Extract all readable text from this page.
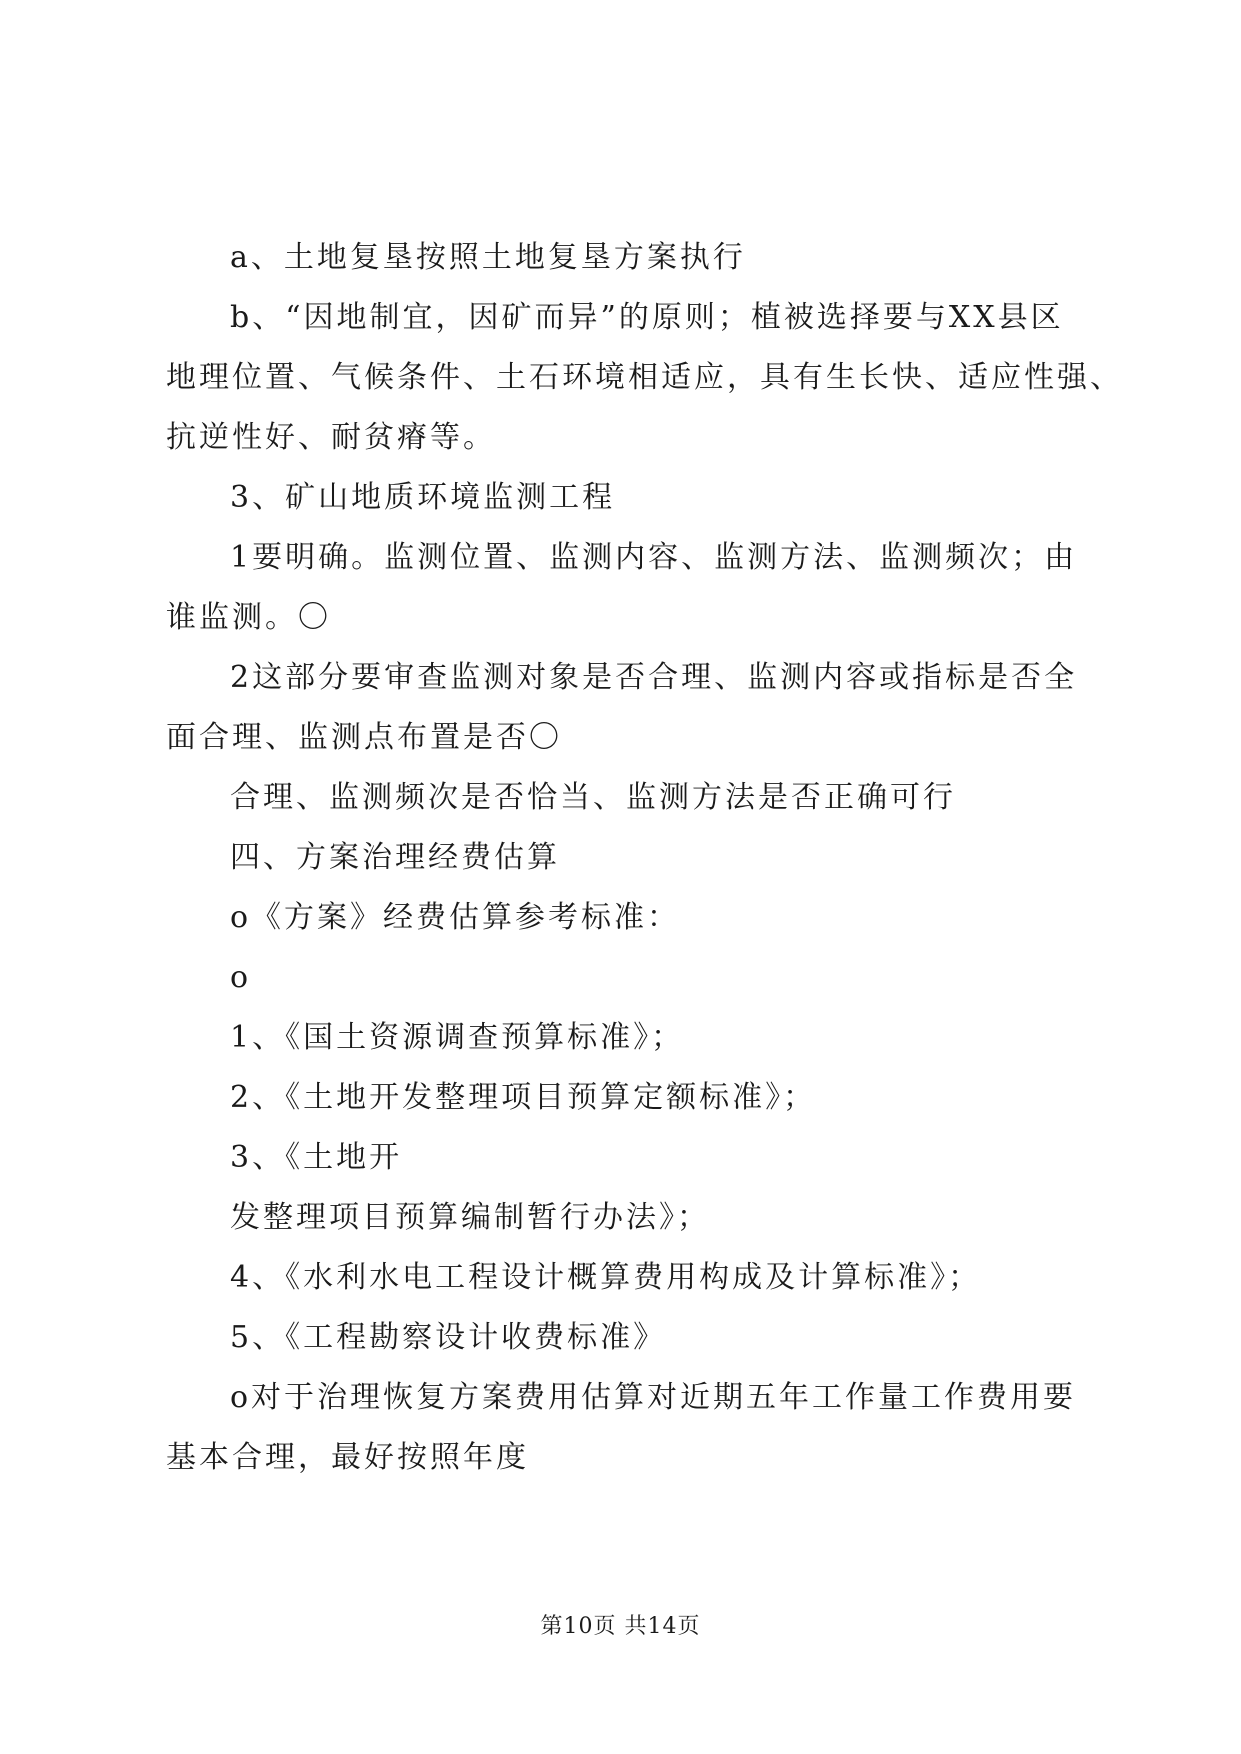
a、土地复垦按照土地复垦方案执行
b、“因地制宜，因矿而异”的原则；植被选择要与XX县区
地理位置、气候条件、土石环境相适应，具有生长快、适应性强、
抗逆性好、耐贫瘠等。
3、矿山地质环境监测工程
1要明确。监测位置、监测内容、监测方法、监测频次；由
谁监测。〇
2这部分要审查监测对象是否合理、监测内容或指标是否全
面合理、监测点布置是否〇
合理、监测频次是否恰当、监测方法是否正确可行
四、方案治理经费估算
o《方案》经费估算参考标准：
o
1、《国土资源调查预算标准》；
2、《土地开发整理项目预算定额标准》；
3、《土地开
发整理项目预算编制暂行办法》；
4、《水利水电工程设计概算费用构成及计算标准》；
5、《工程勘察设计收费标准》
o对于治理恢复方案费用估算对近期五年工作量工作费用要
基本合理，最好按照年度
第10页 共14页
